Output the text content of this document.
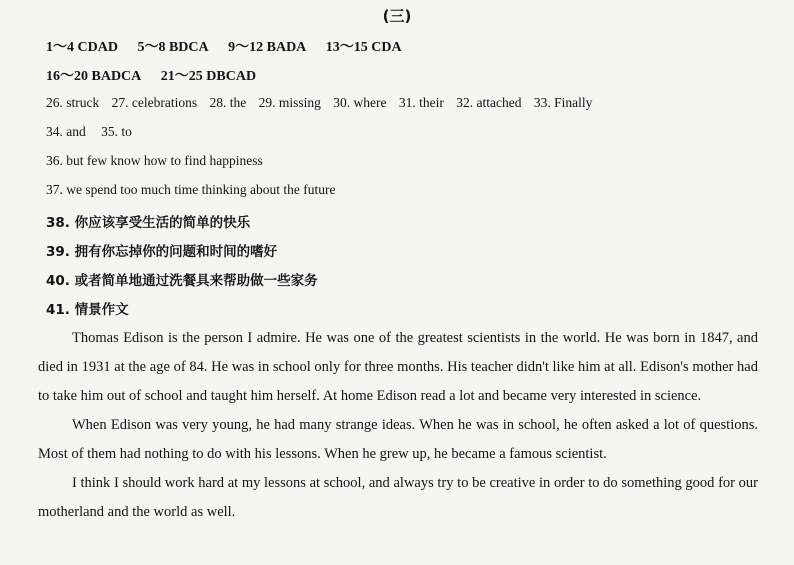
(三)
1～4 CDAD 5～8 BDCA 9～12 BADA 13～15 CDA
16～20 BADCA 21～25 DBCAD
26. struck 27. celebrations 28. the 29. missing 30. where 31. their 32. attached 33. Finally
34. and 35. to
36. but few know how to find happiness
37. we spend too much time thinking about the future
38. 你应该享受生活的简单的快乐
39. 拥有你忘掉你的问题和时间的嗜好
40. 或者简单地通过洗餐具来帮助做一些家务
41. 情景作文

Thomas Edison is the person I admire. He was one of the greatest scientists in the world. He was born in 1847, and died in 1931 at the age of 84. He was in school only for three months. His teacher didn't like him at all. Edison's mother had to take him out of school and taught him herself. At home Edison read a lot and became very interested in science.

When Edison was very young, he had many strange ideas. When he was in school, he often asked a lot of questions. Most of them had nothing to do with his lessons. When he grew up, he became a famous scientist.

I think I should work hard at my lessons at school, and always try to be creative in order to do something good for our motherland and the world as well.
